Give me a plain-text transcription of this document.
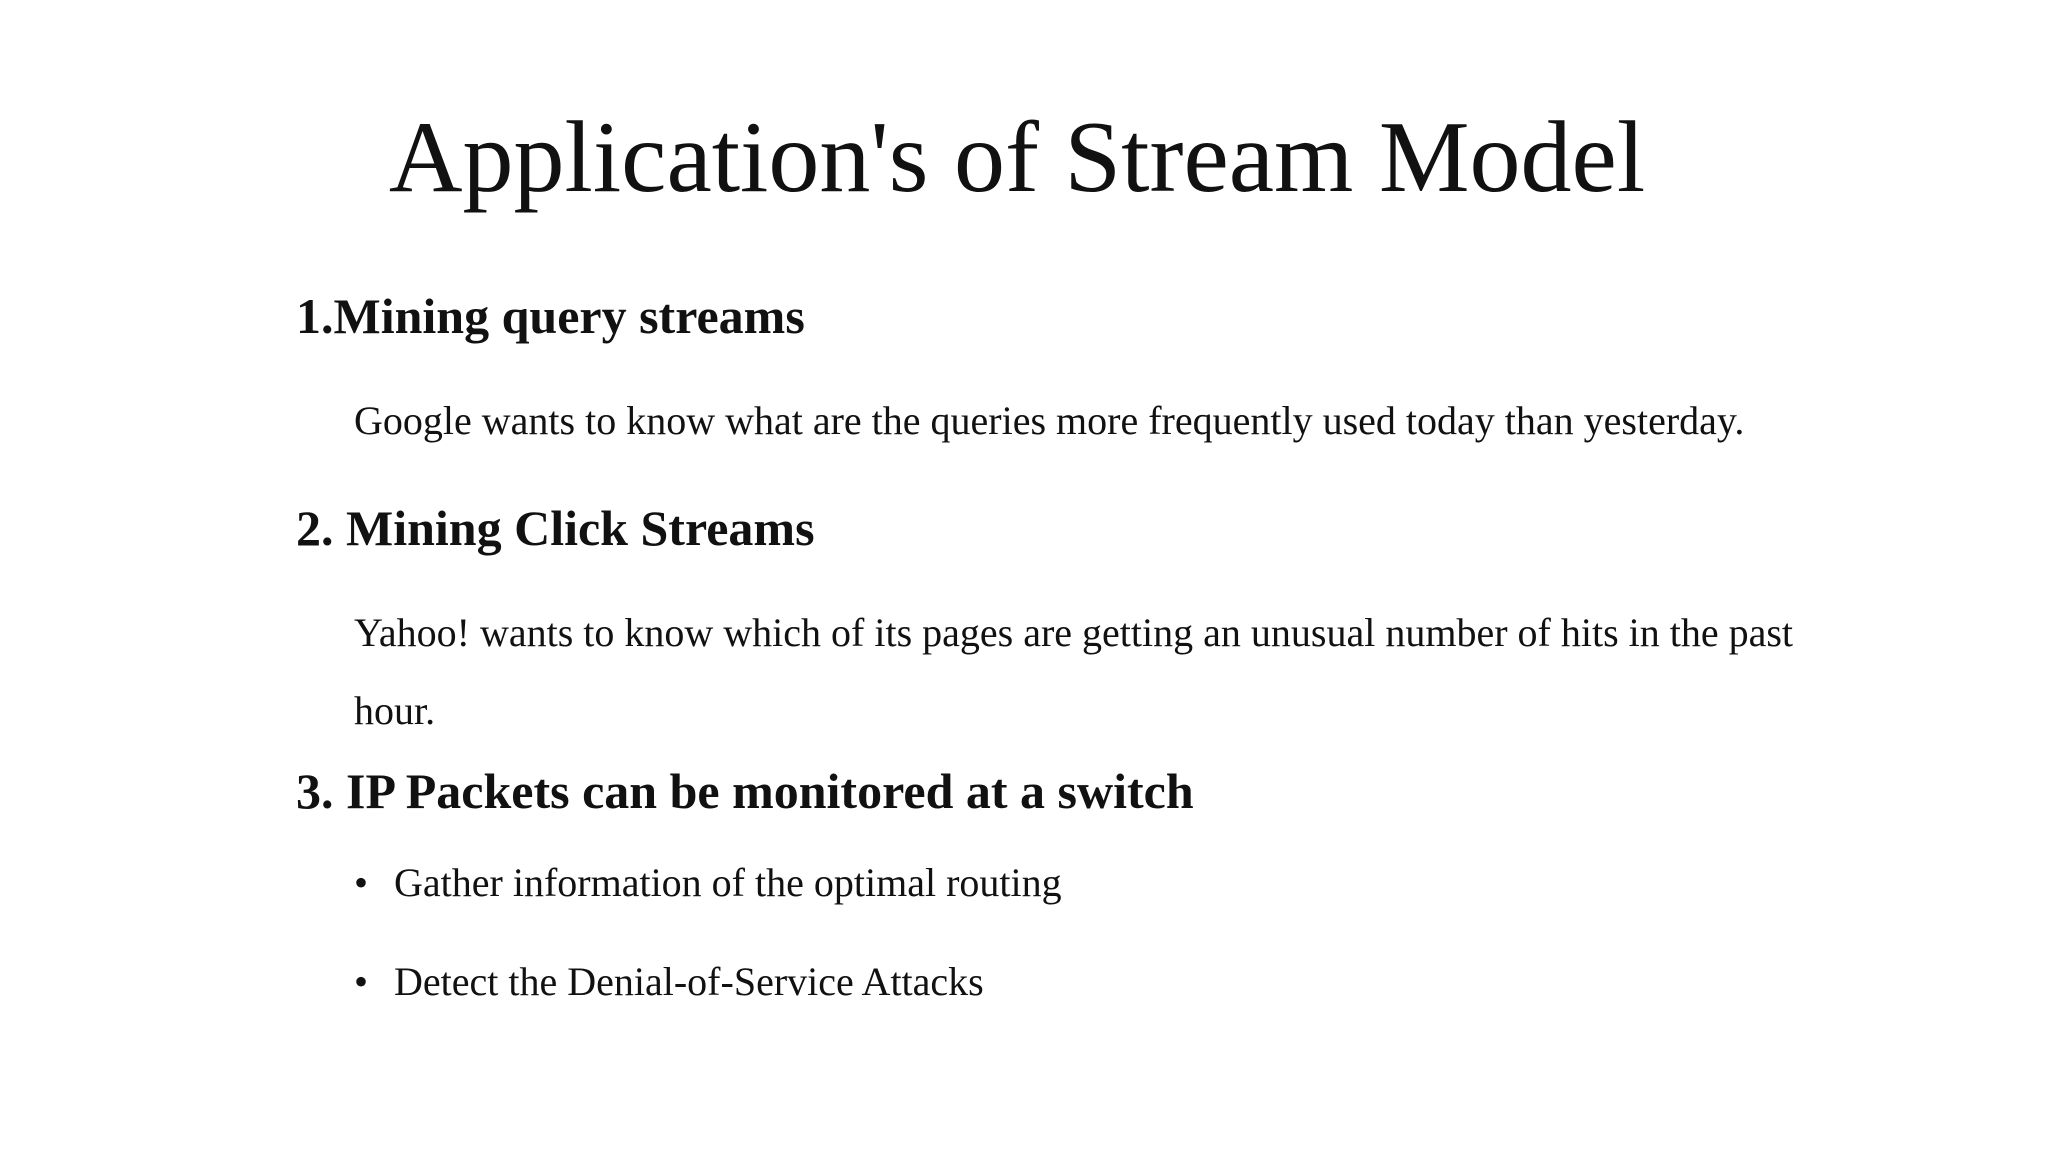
Application's of Stream Model
1.Mining query streams
Google wants to know what are the queries more frequently used today than yesterday.
2. Mining Click Streams
Yahoo! wants to know which of its pages are getting an unusual number of hits in the past
hour.
3. IP Packets can be monitored at a switch
• Gather information of the optimal routing
• Detect the Denial-of-Service Attacks
